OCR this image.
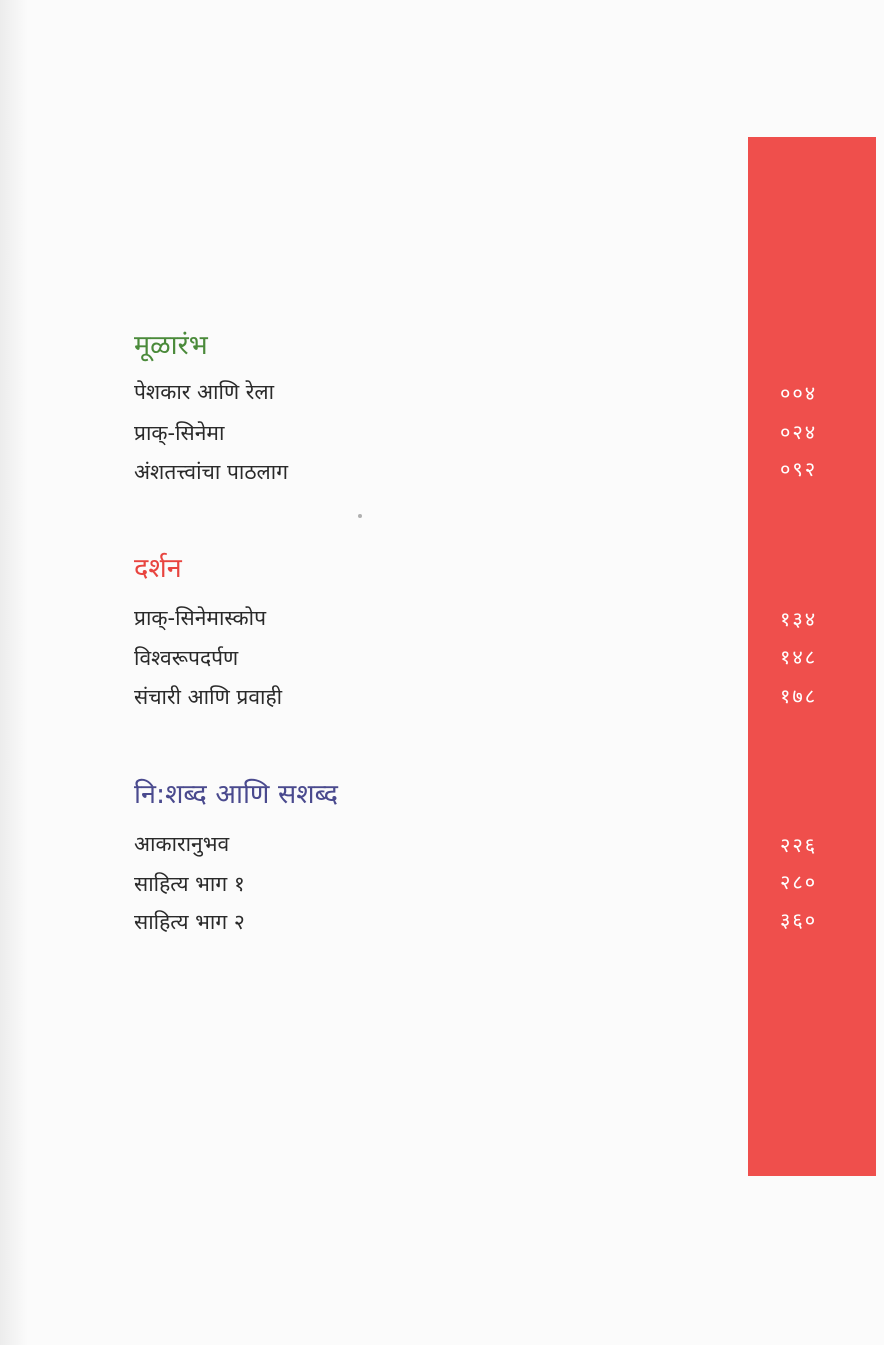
मूळारंभ
पेशकार आणि रेला	००४
प्राक्-सिनेमा	०२४
अंशतत्त्वांचा पाठलाग	०९२
दर्शन
प्राक्-सिनेमास्कोप	१३४
विश्वरूपदर्पण	१४८
संचारी आणि प्रवाही	१७८
नि:शब्द आणि सशब्द
आकारानुभव	२२६
साहित्य भाग १	२८०
साहित्य भाग २	३६०
